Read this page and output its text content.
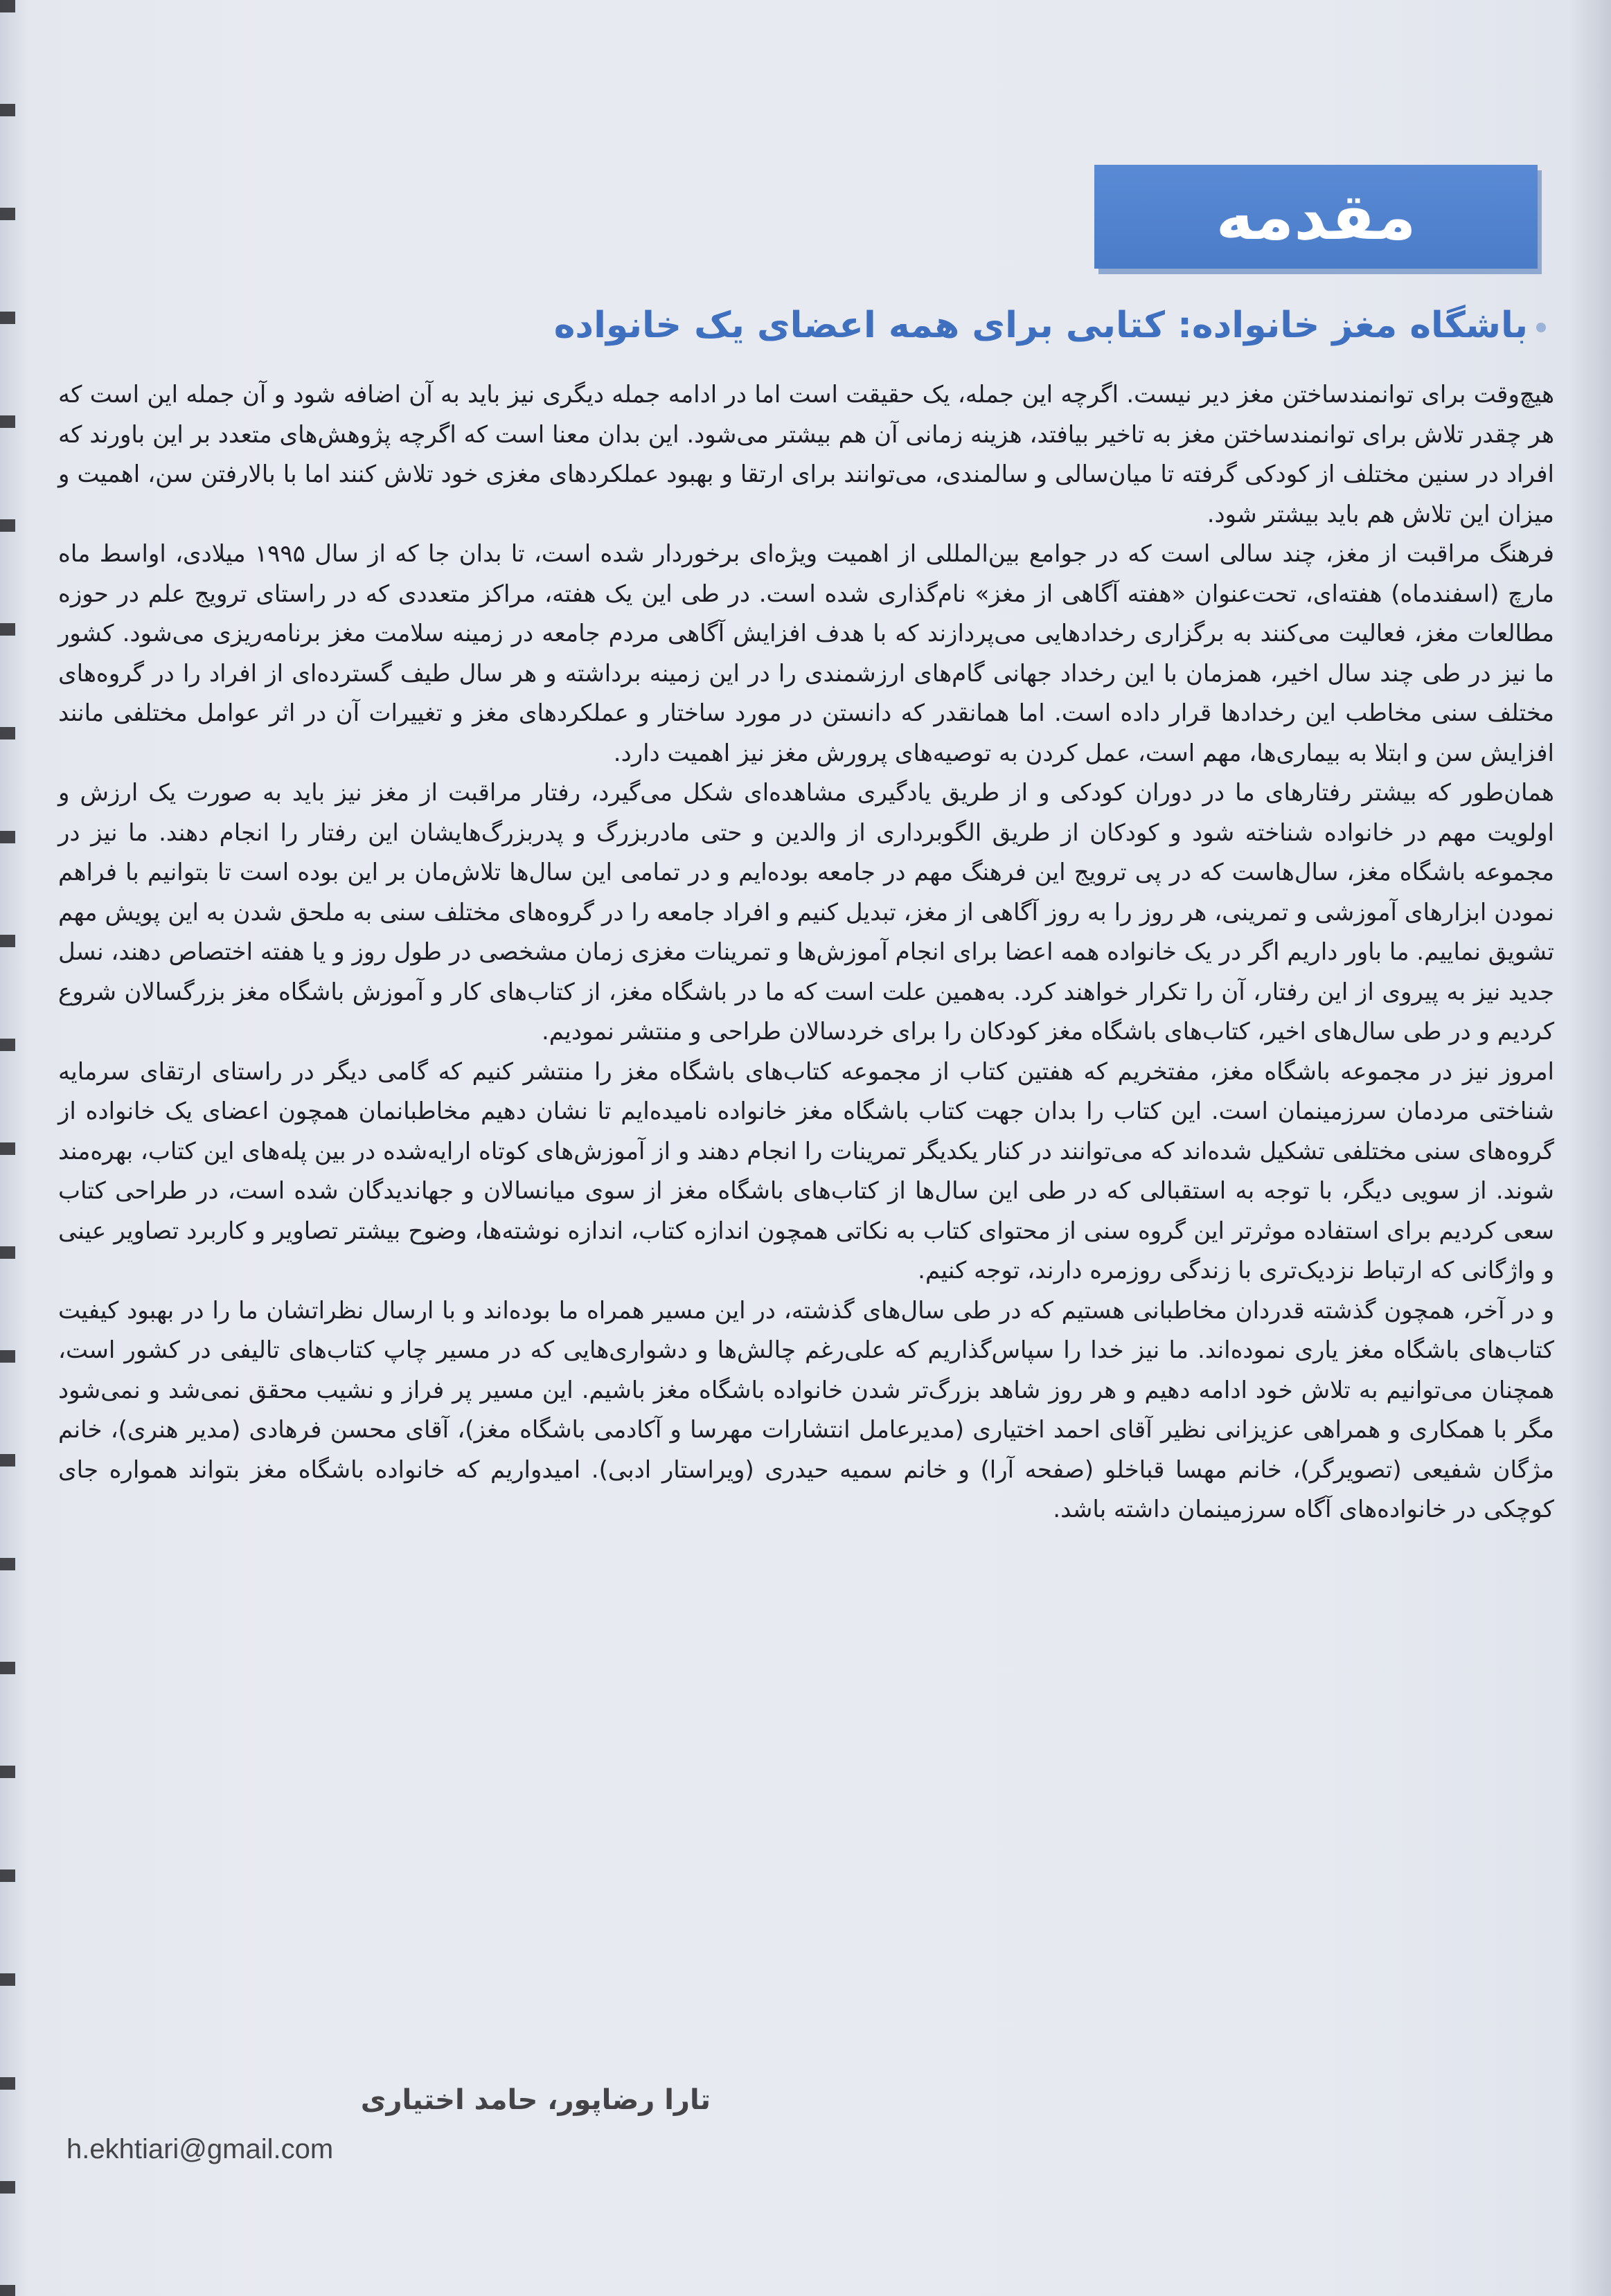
مقدمه
باشگاه مغز خانواده: کتابی برای همه اعضای یک خانواده

هیچ‌وقت برای توانمندساختن مغز دیر نیست. اگرچه این جمله، یک حقیقت است اما در ادامه جمله دیگری نیز باید به آن اضافه شود و آن جمله این است که هر چقدر تلاش برای توانمندساختن مغز به تاخیر بیافتد، هزینه زمانی آن هم بیشتر می‌شود. این بدان معنا است که اگرچه پژوهش‌های متعدد بر این باورند که افراد در سنین مختلف از کودکی گرفته تا میان‌سالی و سالمندی، می‌توانند برای ارتقا و بهبود عملکردهای مغزی خود تلاش کنند اما با بالارفتن سن، اهمیت و میزان این تلاش هم باید بیشتر شود.

فرهنگ مراقبت از مغز، چند سالی است که در جوامع بین‌المللی از اهمیت ویژه‌ای برخوردار شده است، تا بدان جا که از سال ۱۹۹۵ میلادی، اواسط ماه مارچ (اسفندماه) هفته‌ای، تحت‌عنوان «هفته آگاهی از مغز» نام‌گذاری شده است. در طی این یک هفته، مراکز متعددی که در راستای ترویج علم در حوزه مطالعات مغز، فعالیت می‌کنند به برگزاری رخدادهایی می‌پردازند که با هدف افزایش آگاهی مردم جامعه در زمینه سلامت مغز برنامه‌ریزی می‌شود. کشور ما نیز در طی چند سال اخیر، همزمان با این رخداد جهانی گام‌های ارزشمندی را در این زمینه برداشته و هر سال طیف گسترده‌ای از افراد را در گروه‌های مختلف سنی مخاطب این رخدادها قرار داده است. اما همانقدر که دانستن در مورد ساختار و عملکردهای مغز و تغییرات آن در اثر عوامل مختلفی مانند افزایش سن و ابتلا به بیماری‌ها، مهم است، عمل کردن به توصیه‌های پرورش مغز نیز اهمیت دارد.

همان‌طور که بیشتر رفتارهای ما در دوران کودکی و از طریق یادگیری مشاهده‌ای شکل می‌گیرد، رفتار مراقبت از مغز نیز باید به صورت یک ارزش و اولویت مهم در خانواده شناخته شود و کودکان از طریق الگوبرداری از والدین و حتی مادربزرگ و پدربزرگ‌هایشان این رفتار را انجام دهند. ما نیز در مجموعه باشگاه مغز، سال‌هاست که در پی ترویج این فرهنگ مهم در جامعه بوده‌ایم و در تمامی این سال‌ها تلاش‌مان بر این بوده است تا بتوانیم با فراهم نمودن ابزارهای آموزشی و تمرینی، هر روز را به روز آگاهی از مغز، تبدیل کنیم و افراد جامعه را در گروه‌های مختلف سنی به ملحق شدن به این پویش مهم تشویق نماییم. ما باور داریم اگر در یک خانواده همه اعضا برای انجام آموزش‌ها و تمرینات مغزی زمان مشخصی در طول روز و یا هفته اختصاص دهند، نسل جدید نیز به پیروی از این رفتار، آن را تکرار خواهند کرد. به‌همین علت است که ما در باشگاه مغز، از کتاب‌های کار و آموزش باشگاه مغز بزرگسالان شروع کردیم و در طی سال‌های اخیر، کتاب‌های باشگاه مغز کودکان را برای خردسالان طراحی و منتشر نمودیم.

امروز نیز در مجموعه باشگاه مغز، مفتخریم که هفتین کتاب از مجموعه کتاب‌های باشگاه مغز را منتشر کنیم که گامی دیگر در راستای ارتقای سرمایه شناختی مردمان سرزمینمان است. این کتاب را بدان جهت کتاب باشگاه مغز خانواده نامیده‌ایم تا نشان دهیم مخاطبانمان همچون اعضای یک خانواده از گروه‌های سنی مختلفی تشکیل شده‌اند که می‌توانند در کنار یکدیگر تمرینات را انجام دهند و از آموزش‌های کوتاه ارایه‌شده در بین پله‌های این کتاب، بهره‌مند شوند. از سویی دیگر، با توجه به استقبالی که در طی این سال‌ها از کتاب‌های باشگاه مغز از سوی میانسالان و جهاندیدگان شده است، در طراحی کتاب سعی کردیم برای استفاده موثرتر این گروه سنی از محتوای کتاب به نکاتی همچون اندازه کتاب، اندازه نوشته‌ها، وضوح بیشتر تصاویر و کاربرد تصاویر عینی و واژگانی که ارتباط نزدیک‌تری با زندگی روزمره دارند، توجه کنیم.

و در آخر، همچون گذشته قدردان مخاطبانی هستیم که در طی سال‌های گذشته، در این مسیر همراه ما بوده‌اند و با ارسال نظراتشان ما را در بهبود کیفیت کتاب‌های باشگاه مغز یاری نموده‌اند. ما نیز خدا را سپاس‌گذاریم که علی‌رغم چالش‌ها و دشواری‌هایی که در مسیر چاپ کتاب‌های تالیفی در کشور است، همچنان می‌توانیم به تلاش خود ادامه دهیم و هر روز شاهد بزرگ‌تر شدن خانواده باشگاه مغز باشیم. این مسیر پر فراز و نشیب محقق نمی‌شد و نمی‌شود مگر با همکاری و همراهی عزیزانی نظیر آقای احمد اختیاری (مدیرعامل انتشارات مهرسا و آکادمی باشگاه مغز)، آقای محسن فرهادی (مدیر هنری)، خانم مژگان شفیعی (تصویرگر)، خانم مهسا قباخلو (صفحه آرا) و خانم سمیه حیدری (ویراستار ادبی). امیدواریم که خانواده باشگاه مغز بتواند همواره جای کوچکی در خانواده‌های آگاه سرزمینمان داشته باشد.

تارا رضاپور، حامد اختیاری
h.ekhtiari@gmail.com
